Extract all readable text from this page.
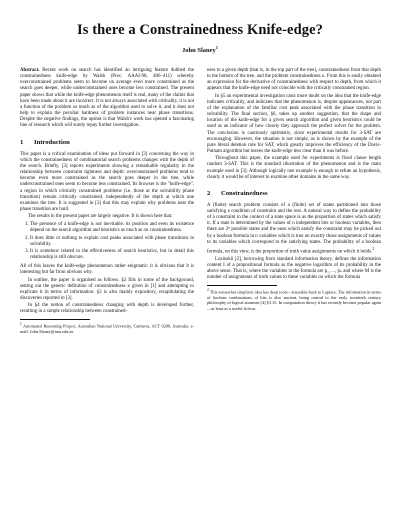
Is there a Constrainedness Knife-edge?
John Slaney$^1$

Abstract. Recent work on search has identified an intriguing feature dubbed the constrainedness knife-edge by Walsh (Proc. AAAI-98, 406–411) whereby overconstrained problems seem to become on average even more constrained as the search goes deeper, while underconstrained ones become less constrained. The present paper shows that while the knife-edge phenomenon itself is real, many of the claims that have been made about it are incorrect. It is not always associated with criticality, it is not a function of the problem so much as of the algorithm used to solve it, and it does not help to explain the peculiar hardness of problem instances near phase transitions. Despite the negative findings, the upshot is that Walsh's work has opened a fascinating line of research which will surely repay further investigation.

1 Introduction

This paper is a critical examination of ideas put forward in [3] concerning the way in which the constrainedness of combinatorial search problems changes with the depth of the search. Briefly, [3] reports experiments showing a remarkable regularity in the relationship between constraint tightness and depth: overconstrained problems tend to become even more constrained as the search goes deeper in the tree, while underconstrained ones seem to become less constrained. Its browser is the "knife-edge", a region in which critically constrained problems (i.e. those at the solvability phase transition) remain critically constrained, independently of the depth at which one examines the tree. It is suggested in [3] that this may explain why problems near the phase transition are hard.

The results in the present paper are largely negative. It is shown here that:

1. The presence of a knife-edge is not inevitable: its position and even its existence depend on the search algorithm and heuristics as much as on constrainedness.
2. It does little or nothing to explain cost peaks associated with phase transitions in solvability.
3. It is somehow related to the effectiveness of search heuristics, but in detail this relationship is still obscure.

All of this leaves the knife-edge phenomenon rather enigmatic: it is obvious that it is interesting but far from obvious why.

In outline, the paper is organised as follows. §2 fills in some of the background, setting out the generic definition of constrainedness κ given in [1] and attempting to explicate it in terms of information. §3 is also mainly expository, recapitulating the discoveries reported in [3].

In §4 the notion of constrainedness changing with depth is developed further, resulting in a simple relationship between constrained-

$^1$ Automated Reasoning Project, Australian National University, Canberra, ACT 0200, Australia. e-mail: John.Slaney@anu.edu.au

ness to a given depth (that is, in the top part of the tree), constrainedness from that depth to the bottom of the tree, and the problem constrainedness κ. From this is easily obtained an expression for the derivative of constrainedness with respect to depth, from which it appears that the knife-edge need not coincide with the critically constrained region.

In §5 an experimental investigation casts more doubt on the idea that the knife-edge indicates criticality, and indicates that the phenomenon is, despite appearances, not part of the explanation of the familiar cost peak associated with the phase transition in solvability. The final section, §6, takes up another suggestion, that the shape and location of the knife-edge for a given search algorithm and given heuristics could be used as an indicator of how closely they approach the perfect solver for the problem. The conclusion is cautiously optimistic, since experimental results for 3-SAT are encouraging. However, the situation is not simple, as is shown by the example of the pure literal deletion rule for SAT, which greatly improves the efficiency of the Davis-Putnam algorithm but leaves the knife-edge less clear than it was before.

Throughout this paper, the example used for experiments is fixed clause length random 3-SAT. This is the standard illustration of the phenomenon and is the main example used in [3]. Although logically one example is enough to refute an hypothesis, clearly it would be of interest to examine other domains in the same way.

2 Constrainedness

A (finite) search problem consists of a (finite) set of states partitioned into those satisfying a condition of constraint and the rest. A natural way to define the probability of a constraint in the context of a state space is as the proportion of states which satisfy it. If a state is determined by the values of n independent bits or boolean variables, then there are 2ⁿ possible states and the ones which satisfy the constraint may be picked out by a boolean formula in n variables which is true on exactly those assignments of values to its variables which correspond to the satisfying states. The probability of a boolean formula, on this view, is the proportion of truth value assignments on which it holds.$^2$

Lozinskii [2], borrowing from standard information theory, defines the information content I of a propositional formula as the negative logarithm of its probability in the above sense. That is, where the variables in the formula are p₁, ..., pₙ and where M is the number of assignments of truth values to these variables on which the formula

$^2$ This somewhat simplistic idea has deep roots—traceable back to Laplace. The information in terms of boolean combinations of bits is also ancient, being central to the early twentieth century philosophy of logical atomism [4],§3.15. In computation theory it has recently become popular again—at least as a useful fiction.
